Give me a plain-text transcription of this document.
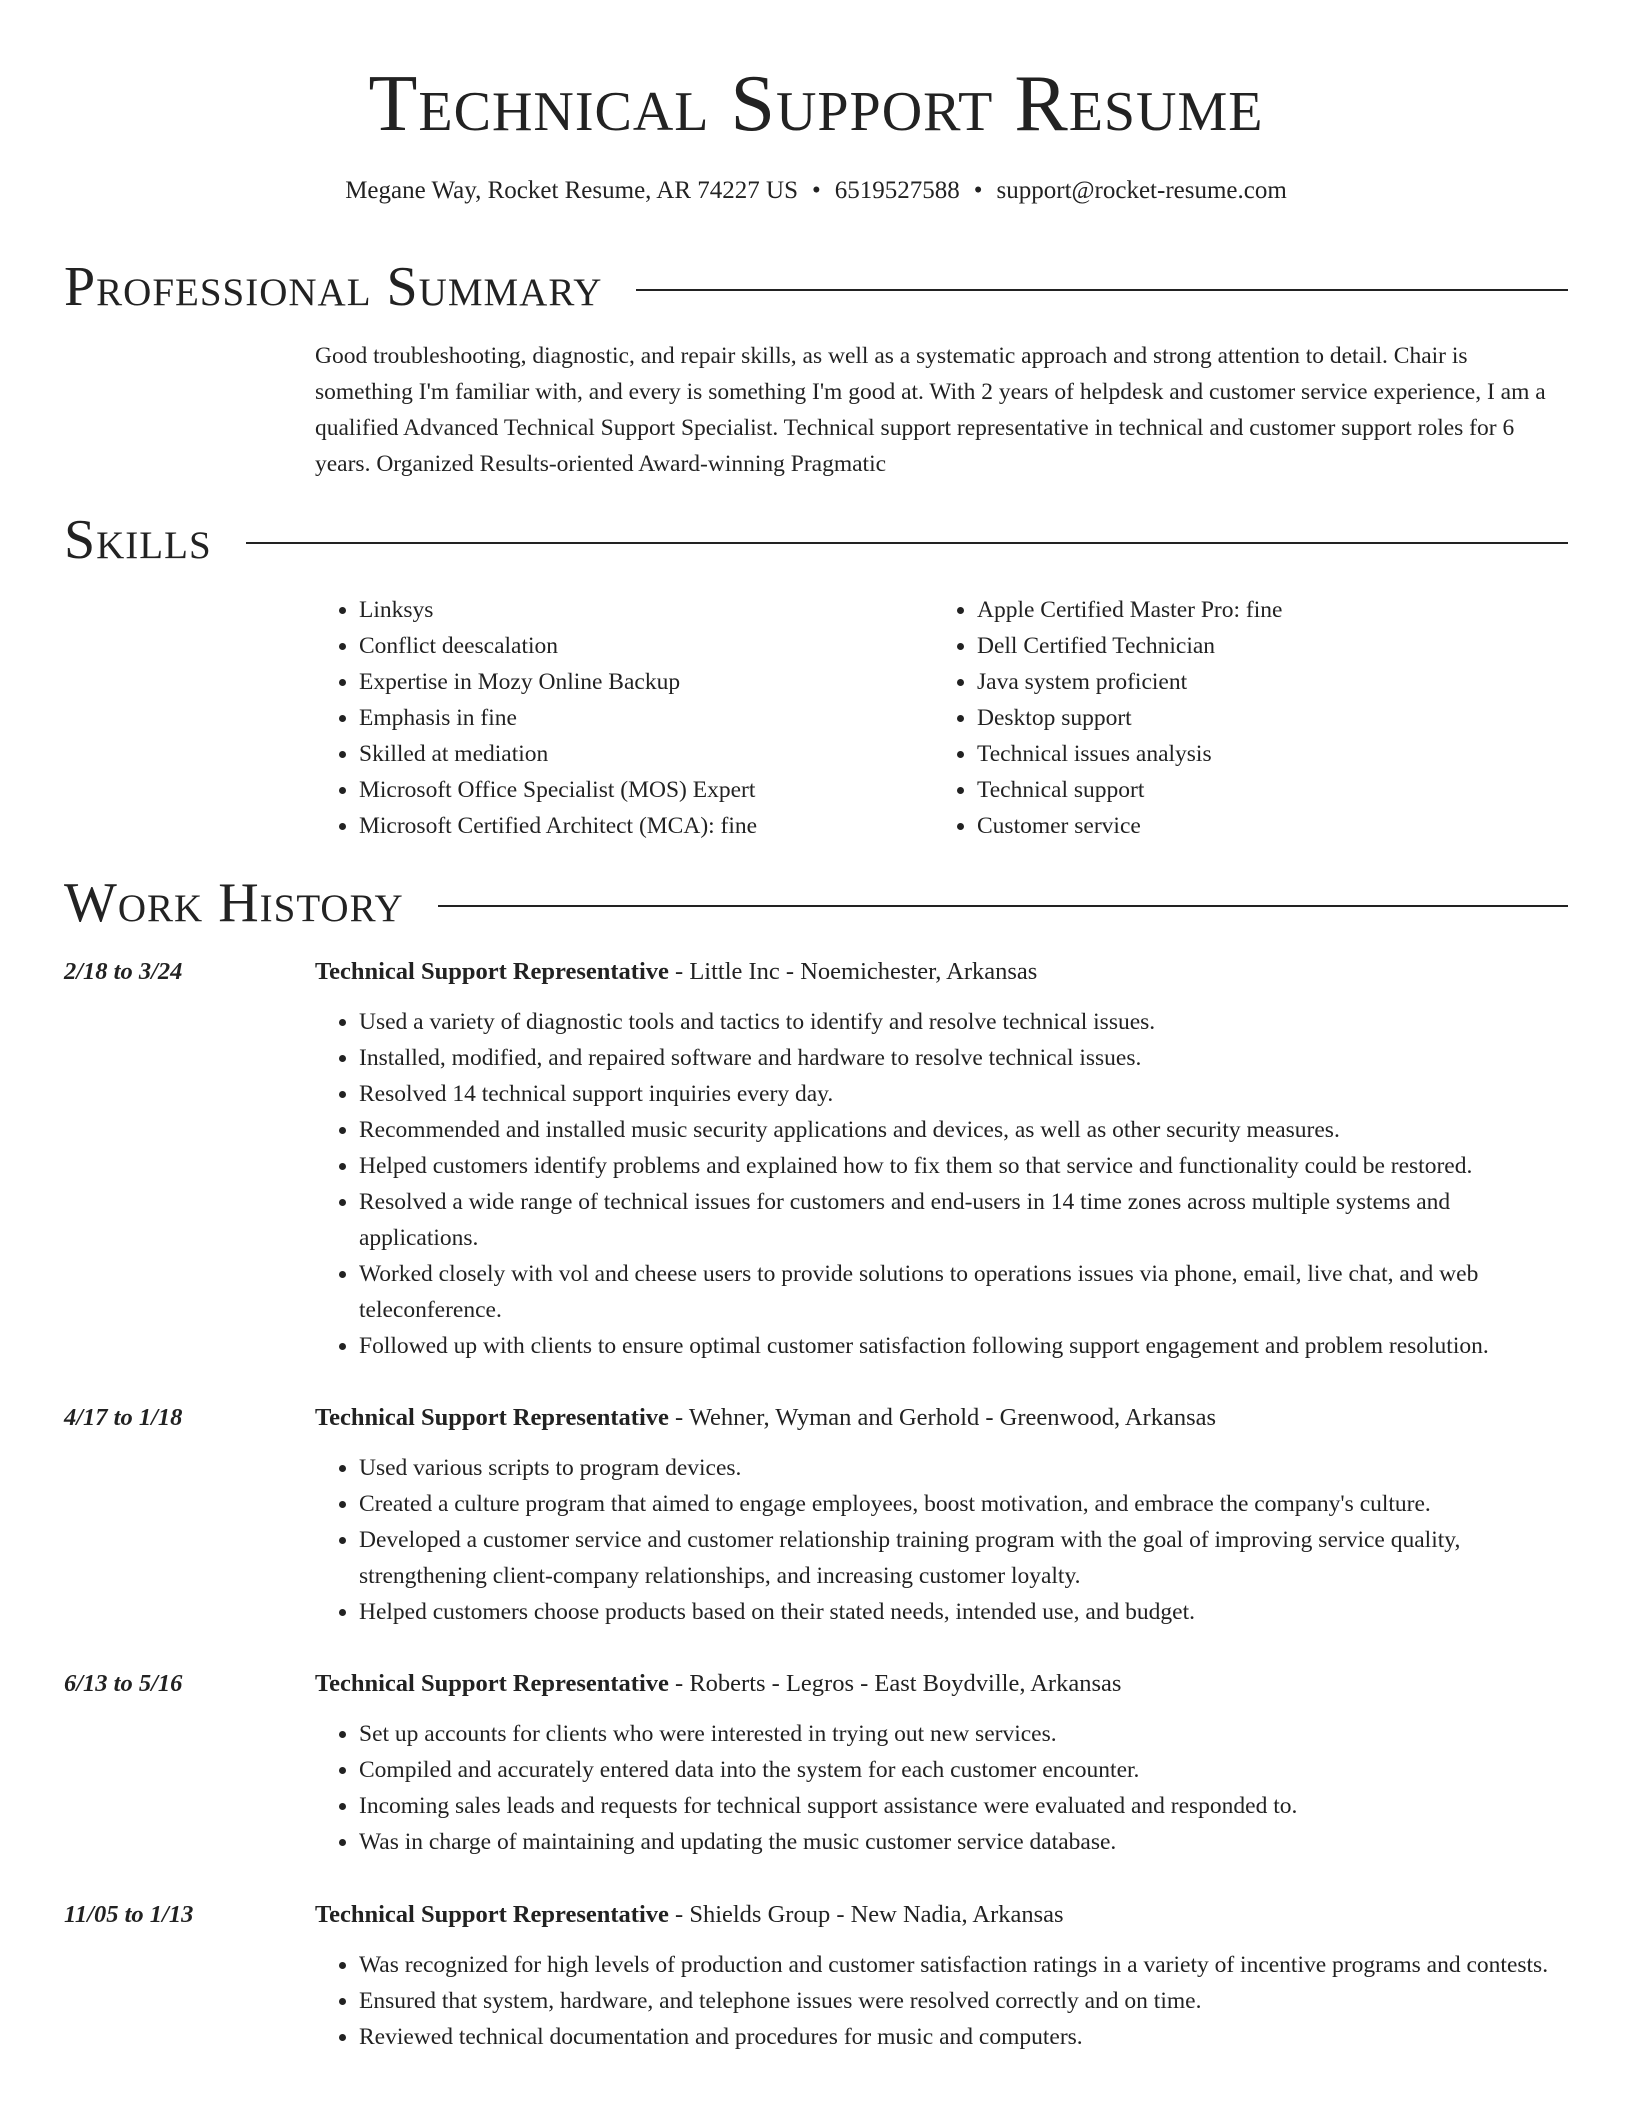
Technical Support Resume
Megane Way, Rocket Resume, AR 74227 US • 6519527588 • support@rocket-resume.com
Professional Summary

Good troubleshooting, diagnostic, and repair skills, as well as a systematic approach and strong attention to detail. Chair is something I'm familiar with, and every is something I'm good at. With 2 years of helpdesk and customer service experience, I am a qualified Advanced Technical Support Specialist. Technical support representative in technical and customer support roles for 6 years. Organized Results-oriented Award-winning Pragmatic

Skills
• Linksys
• Conflict deescalation
• Expertise in Mozy Online Backup
• Emphasis in fine
• Skilled at mediation
• Microsoft Office Specialist (MOS) Expert
• Microsoft Certified Architect (MCA): fine
• Apple Certified Master Pro: fine
• Dell Certified Technician
• Java system proficient
• Desktop support
• Technical issues analysis
• Technical support
• Customer service
Work History
2/18 to 3/24	Technical Support Representative - Little Inc - Noemichester, Arkansas
• Used a variety of diagnostic tools and tactics to identify and resolve technical issues.
• Installed, modified, and repaired software and hardware to resolve technical issues.
• Resolved 14 technical support inquiries every day.
• Recommended and installed music security applications and devices, as well as other security measures.
• Helped customers identify problems and explained how to fix them so that service and functionality could be restored.
• Resolved a wide range of technical issues for customers and end-users in 14 time zones across multiple systems and applications.
• Worked closely with vol and cheese users to provide solutions to operations issues via phone, email, live chat, and web teleconference.
• Followed up with clients to ensure optimal customer satisfaction following support engagement and problem resolution.
4/17 to 1/18	Technical Support Representative - Wehner, Wyman and Gerhold - Greenwood, Arkansas
• Used various scripts to program devices.
• Created a culture program that aimed to engage employees, boost motivation, and embrace the company's culture.
• Developed a customer service and customer relationship training program with the goal of improving service quality, strengthening client-company relationships, and increasing customer loyalty.
• Helped customers choose products based on their stated needs, intended use, and budget.
6/13 to 5/16	Technical Support Representative - Roberts - Legros - East Boydville, Arkansas
• Set up accounts for clients who were interested in trying out new services.
• Compiled and accurately entered data into the system for each customer encounter.
• Incoming sales leads and requests for technical support assistance were evaluated and responded to.
• Was in charge of maintaining and updating the music customer service database.
11/05 to 1/13	Technical Support Representative - Shields Group - New Nadia, Arkansas
• Was recognized for high levels of production and customer satisfaction ratings in a variety of incentive programs and contests.
• Ensured that system, hardware, and telephone issues were resolved correctly and on time.
• Reviewed technical documentation and procedures for music and computers.
